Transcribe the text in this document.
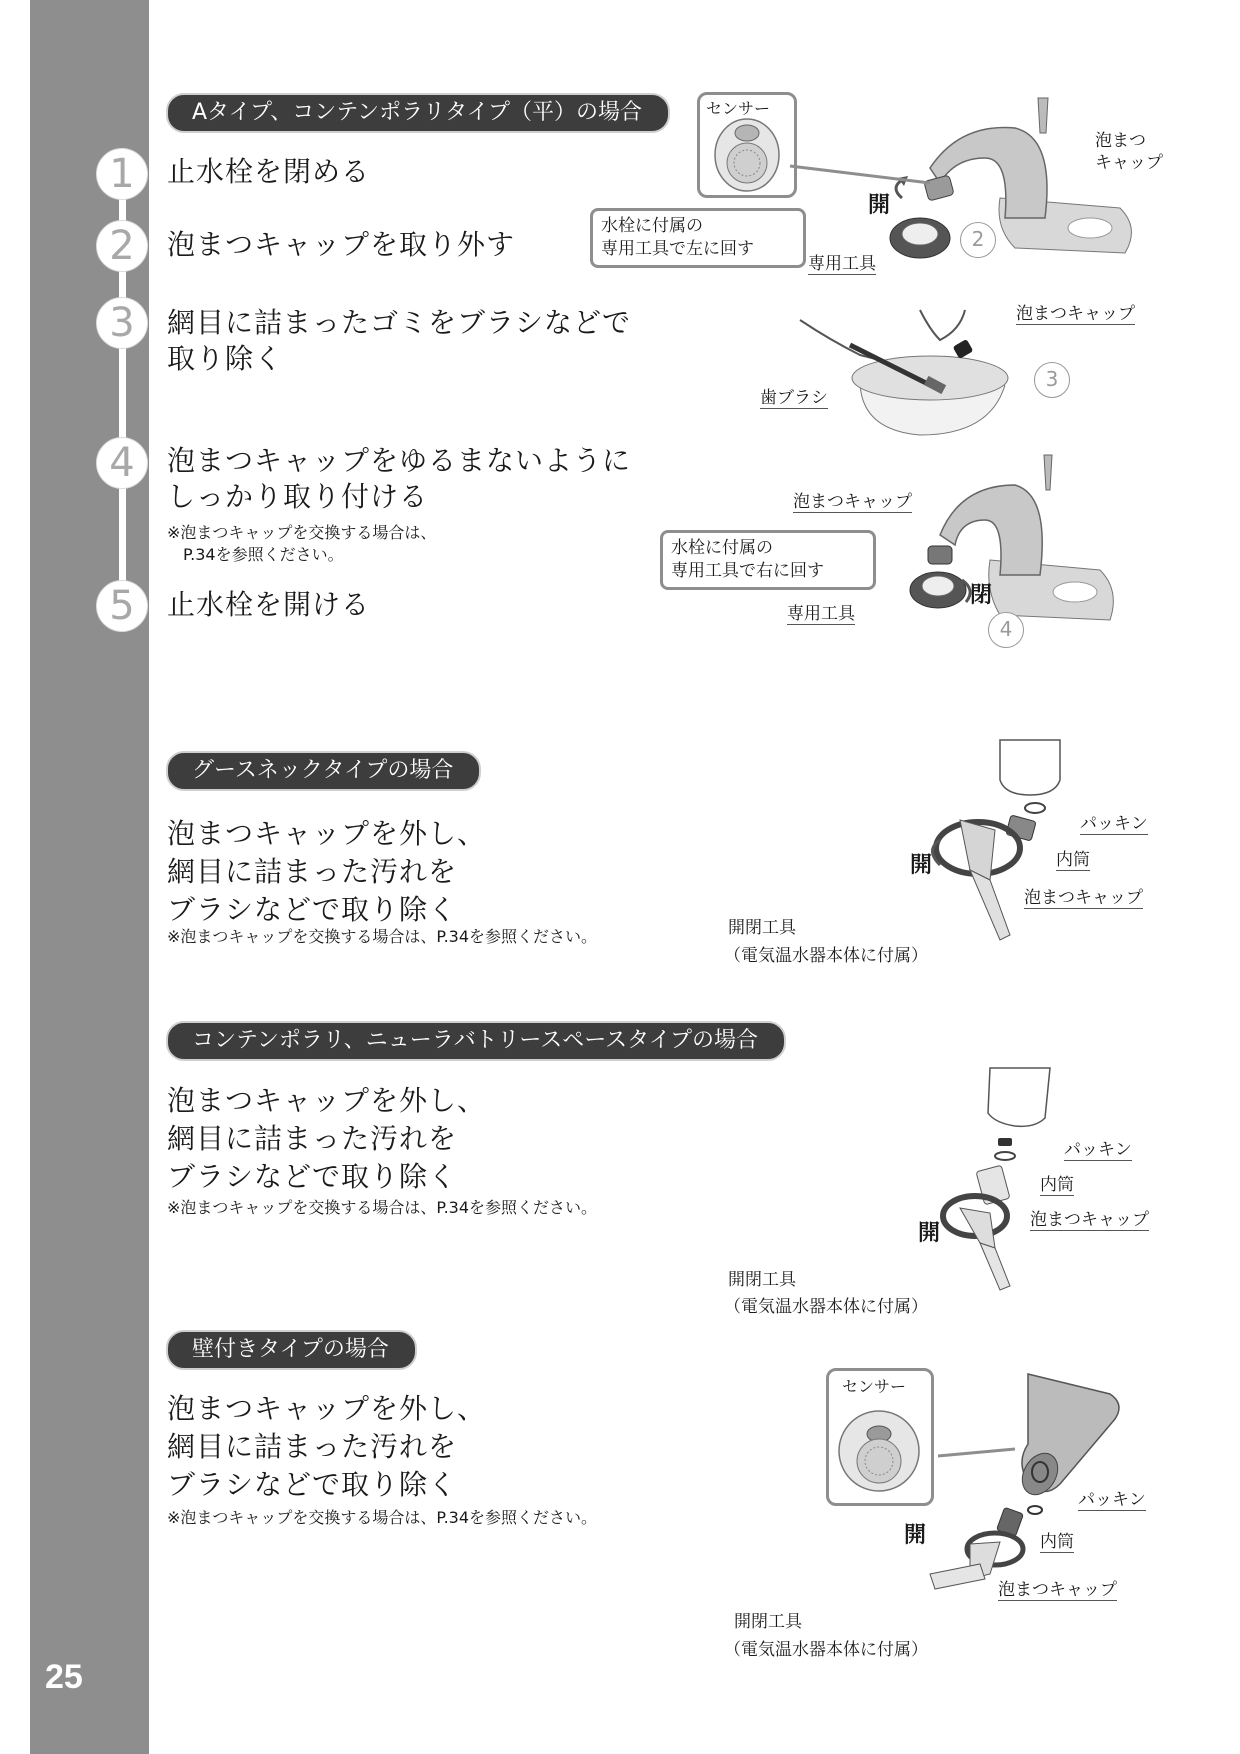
25
Aタイプ、コンテンポラリタイプ（平）の場合
1	止水栓を閉める
2	泡まつキャップを取り外す
3	網目に詰まったゴミをブラシなどで
取り除く
4	泡まつキャップをゆるまないように
しっかり取り付ける
※泡まつキャップを交換する場合は、
P.34を参照ください。
5	止水栓を開ける
センサー
泡まつ
キャップ
開
水栓に付属の
専用工具で左に回す
専用工具
2
泡まつキャップ
歯ブラシ
3
泡まつキャップ
水栓に付属の
専用工具で右に回す
閉
専用工具
4
グースネックタイプの場合
泡まつキャップを外し、
網目に詰まった汚れを
ブラシなどで取り除く
※泡まつキャップを交換する場合は、P.34を参照ください。
パッキン
内筒
開
泡まつキャップ
開閉工具
（電気温水器本体に付属）
コンテンポラリ、ニューラバトリースペースタイプの場合
泡まつキャップを外し、
網目に詰まった汚れを
ブラシなどで取り除く
※泡まつキャップを交換する場合は、P.34を参照ください。
パッキン
内筒
開
泡まつキャップ
開閉工具
（電気温水器本体に付属）
壁付きタイプの場合
泡まつキャップを外し、
網目に詰まった汚れを
ブラシなどで取り除く
※泡まつキャップを交換する場合は、P.34を参照ください。
センサー
パッキン
内筒
開
泡まつキャップ
開閉工具
（電気温水器本体に付属）
